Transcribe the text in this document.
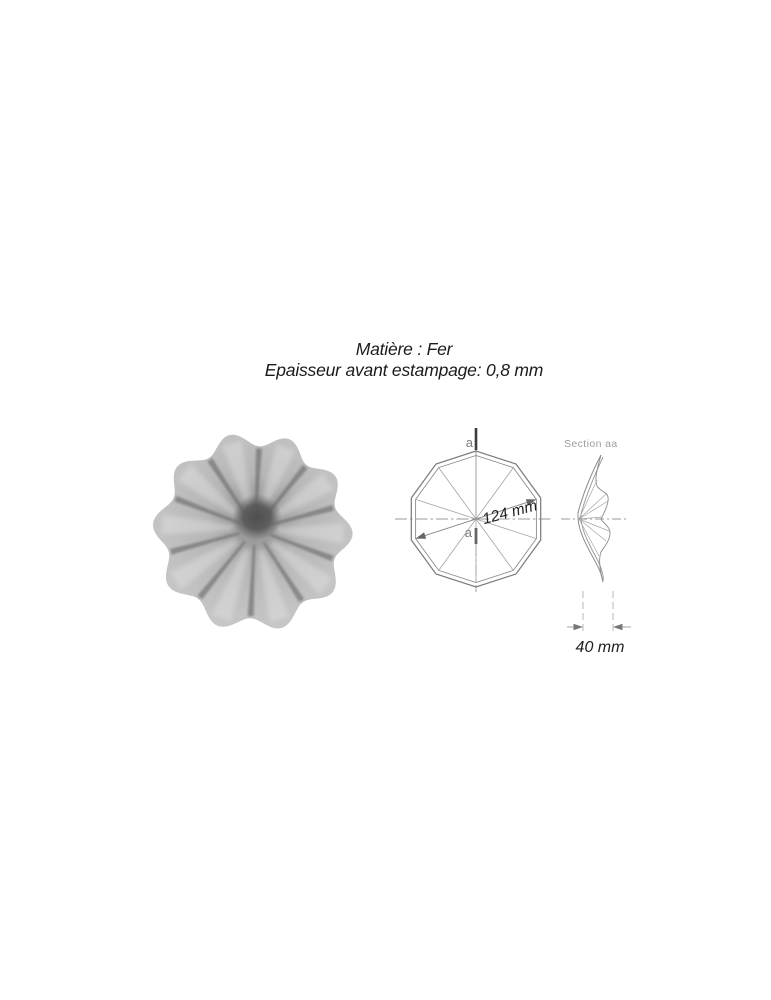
Matière : Fer
Epaisseur avant estampage: 0,8 mm
a
a
124 mm
Section aa
40 mm
